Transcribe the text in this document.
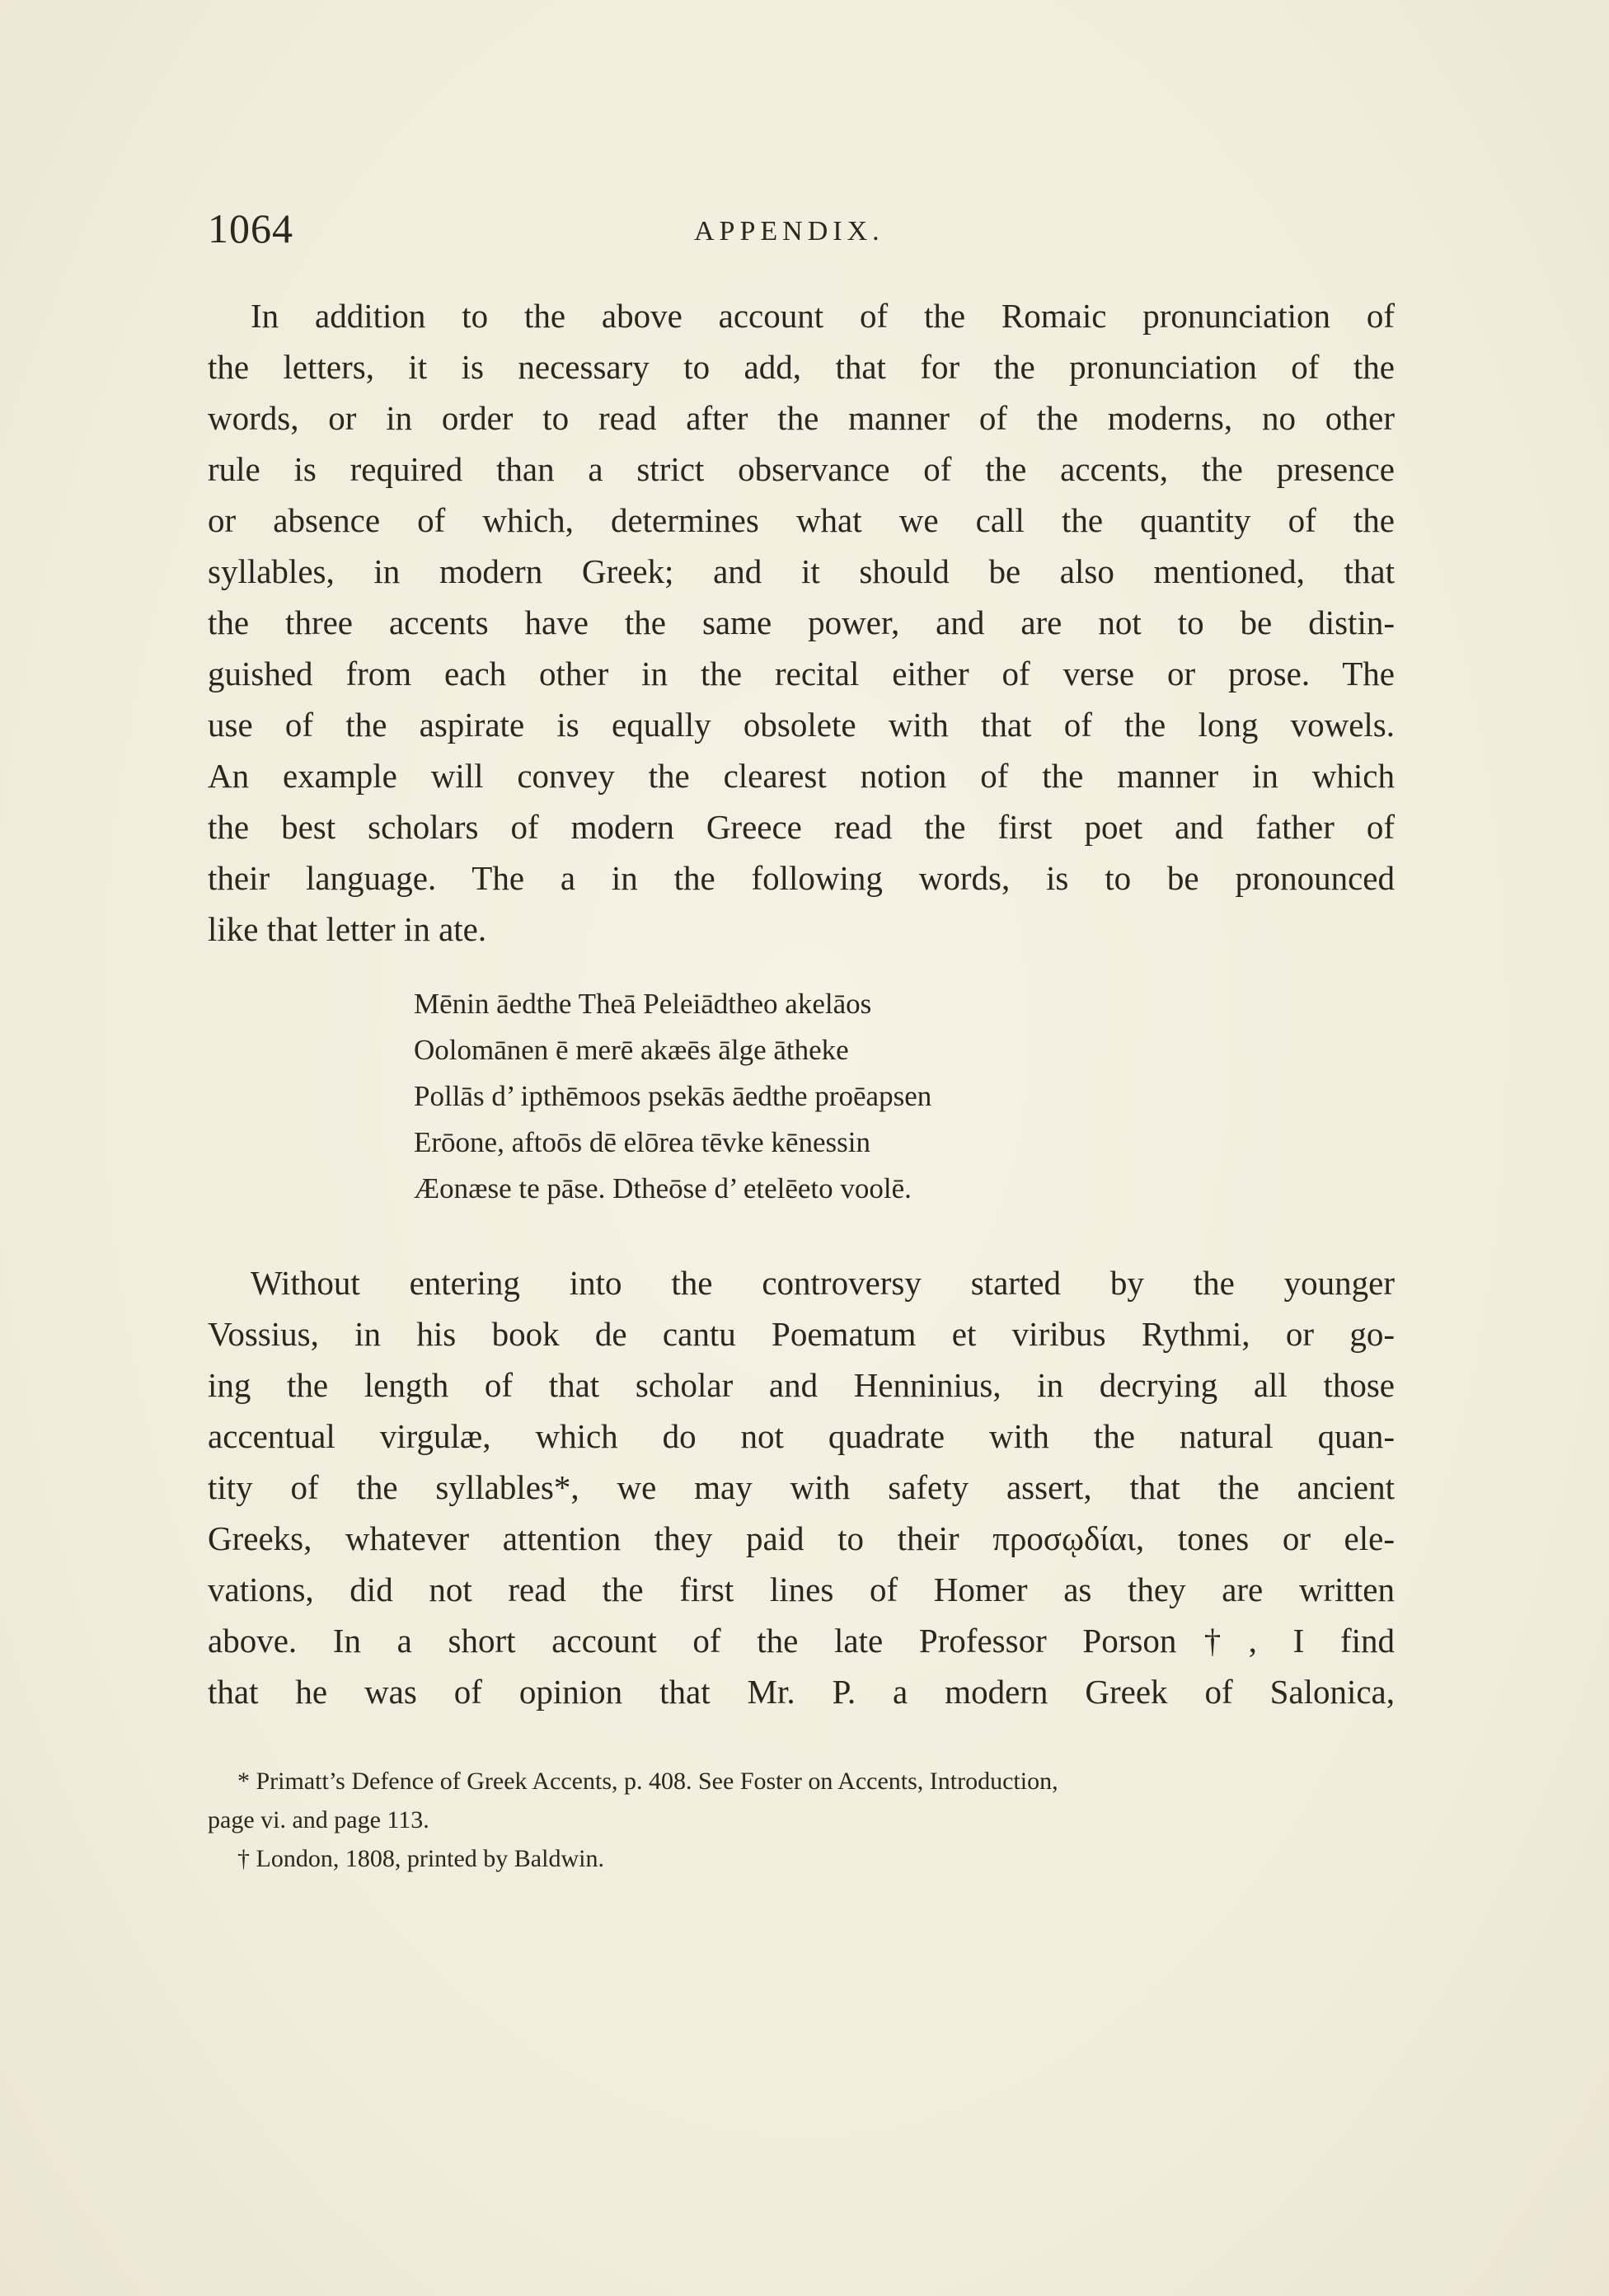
1064	APPENDIX.
In addition to the above account of the Romaic pronunciation of
the letters, it is necessary to add, that for the pronunciation of the
words, or in order to read after the manner of the moderns, no other
rule is required than a strict observance of the accents, the presence
or absence of which, determines what we call the quantity of the
syllables, in modern Greek; and it should be also mentioned, that
the three accents have the same power, and are not to be distin-
guished from each other in the recital either of verse or prose. The
use of the aspirate is equally obsolete with that of the long vowels.
An example will convey the clearest notion of the manner in which
the best scholars of modern Greece read the first poet and father of
their language. The a in the following words, is to be pronounced
like that letter in ate.
Mēnin āedthe Theā Peleiādtheo akelāos
Oolomānen ē merē akæēs ālge ātheke
Pollās d’ ipthēmoos psekās āedthe proēapsen
Erōone, aftoōs dē elōrea tēvke kēnessin
Æonæse te pāse. Dtheōse d’ etelēeto voolē.
Without entering into the controversy started by the younger
Vossius, in his book de cantu Poematum et viribus Rythmi, or go-
ing the length of that scholar and Henninius, in decrying all those
accentual virgulæ, which do not quadrate with the natural quan-
tity of the syllables*, we may with safety assert, that the ancient
Greeks, whatever attention they paid to their προσῳδίαι, tones or ele-
vations, did not read the first lines of Homer as they are written
above. In a short account of the late Professor Porson†, I find
that he was of opinion that Mr. P. a modern Greek of Salonica,
* Primatt’s Defence of Greek Accents, p. 408. See Foster on Accents, Introduction,
page vi. and page 113.
† London, 1808, printed by Baldwin.
